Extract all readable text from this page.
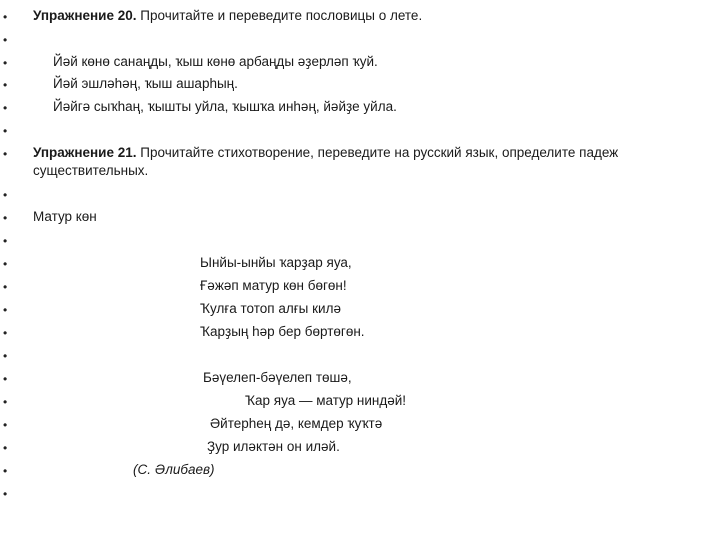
•
•
•
•
•
•
•
•
•
•
•
•
•
•
•
•
•
•
•
•
•
Упражнение 20. Прочитайте и переведите пословицы о лете.
Йәй көнө санаңды, ҡыш көнө арбаңды әҙерләп ҡуй.
Йәй эшләһәң, ҡыш ашарһың.
Йәйгә сыҡһаң, ҡышты уйла, ҡышҡа инһәң, йәйҙе уйла.
Упражнение 21. Прочитайте стихотворение, переведите на русский язык, определите падеж существительных.
Матур көн
Ынйы-ынйы ҡарҙар яуа,
Ғәжәп матур көн бөгөн!
Ҡулға тотоп алғы килә
Ҡарҙың һәр бер бөртөгөн.
Бәүелеп-бәүелеп төшә,
Ҡар яуа — матур ниндәй!
Әйтерһең дә, кемдер ҡуҡтә
Ҙур иләктән он иләй.
(С. Әлибаев)
